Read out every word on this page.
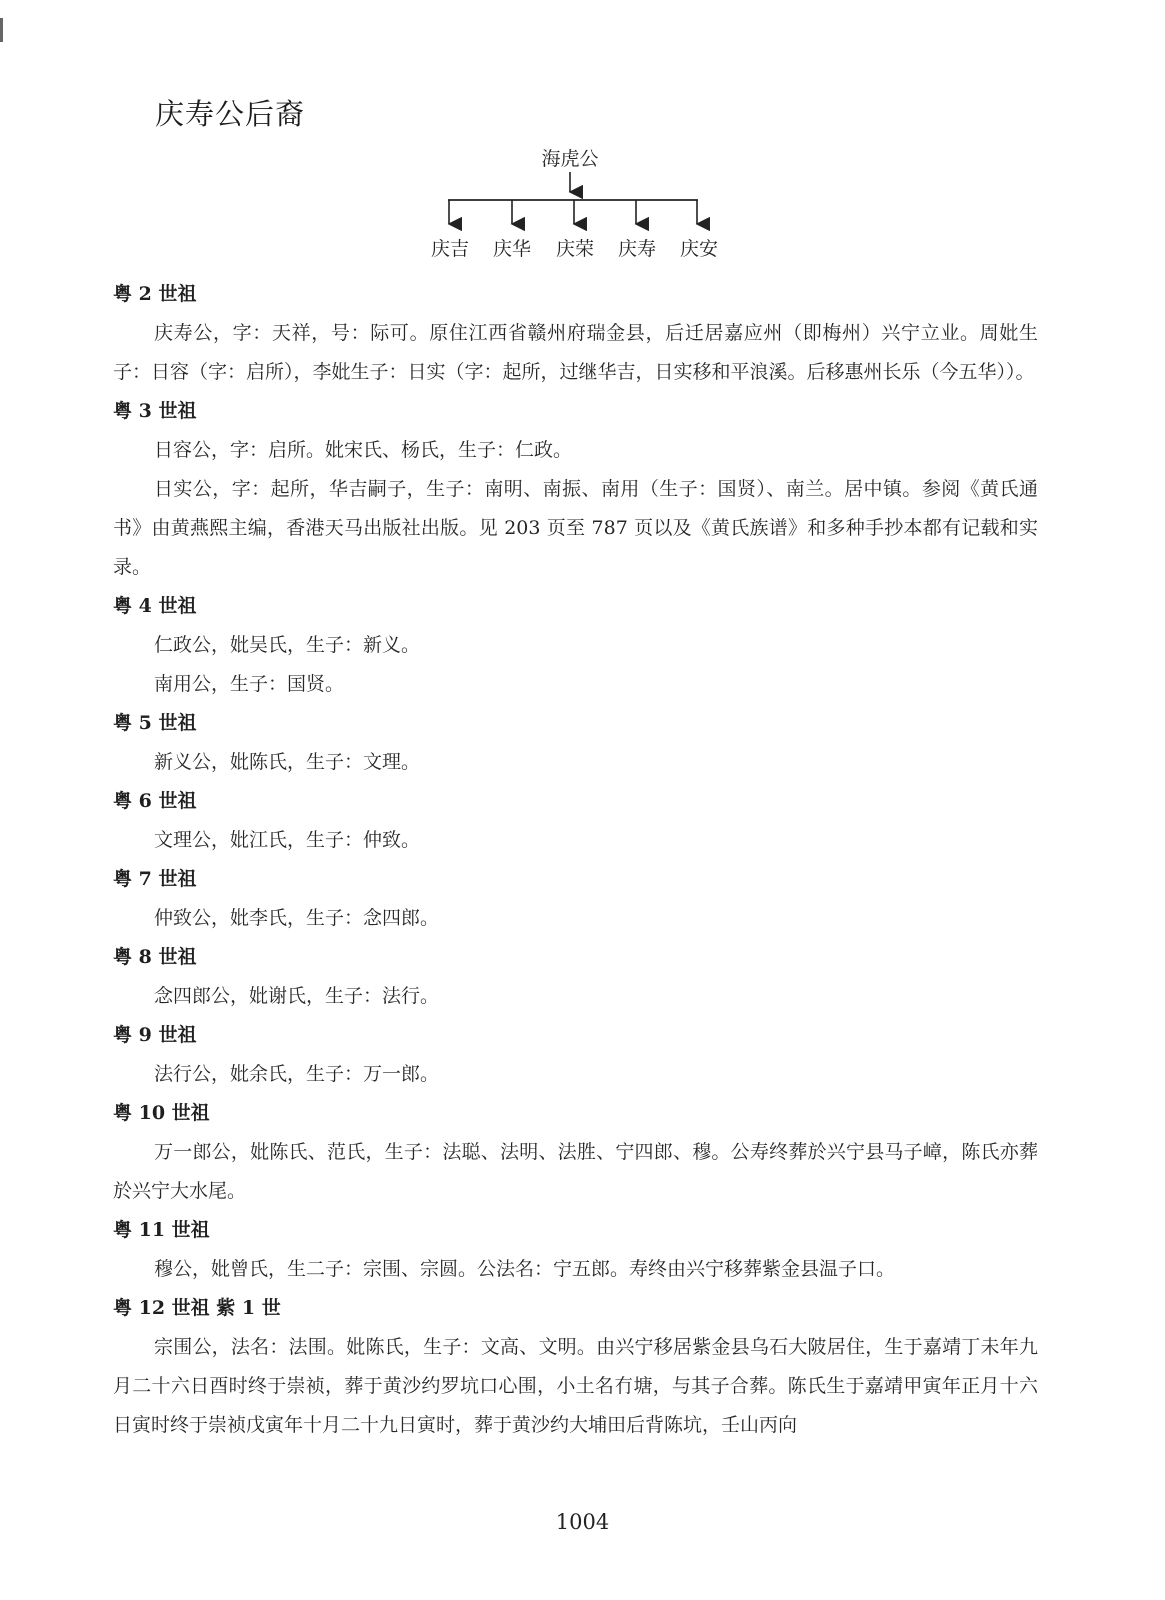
庆寿公后裔
海虎公
庆吉 庆华 庆荣 庆寿 庆安
粤 2 世祖

庆寿公，字：天祥，号：际可。原住江西省赣州府瑞金县，后迁居嘉应州（即梅州）兴宁立业。周妣生子：日容（字：启所），李妣生子：日实（字：起所，过继华吉，日实移和平浪溪。后移惠州长乐（今五华））。

粤 3 世祖

日容公，字：启所。妣宋氏、杨氏，生子：仁政。

日实公，字：起所，华吉嗣子，生子：南明、南振、南用（生子：国贤）、南兰。居中镇。参阅《黄氏通书》由黄燕熙主编，香港天马出版社出版。见 203 页至 787 页以及《黄氏族谱》和多种手抄本都有记载和实录。

粤 4 世祖

仁政公，妣吴氏，生子：新义。

南用公，生子：国贤。

粤 5 世祖

新义公，妣陈氏，生子：文理。

粤 6 世祖

文理公，妣江氏，生子：仲致。

粤 7 世祖

仲致公，妣李氏，生子：念四郎。

粤 8 世祖

念四郎公，妣谢氏，生子：法行。

粤 9 世祖

法行公，妣余氏，生子：万一郎。

粤 10 世祖

万一郎公，妣陈氏、范氏，生子：法聪、法明、法胜、宁四郎、穆。公寿终葬於兴宁县马子嶂，陈氏亦葬於兴宁大水尾。

粤 11 世祖

穆公，妣曾氏，生二子：宗围、宗圆。公法名：宁五郎。寿终由兴宁移葬紫金县温子口。

粤 12 世祖 紫 1 世

宗围公，法名：法围。妣陈氏，生子：文高、文明。由兴宁移居紫金县乌石大陂居住，生于嘉靖丁未年九月二十六日酉时终于崇祯，葬于黄沙约罗坑口心围，小土名冇塘，与其子合葬。陈氏生于嘉靖甲寅年正月十六日寅时终于崇祯戊寅年十月二十九日寅时，葬于黄沙约大埔田后背陈坑，壬山丙向

1004
